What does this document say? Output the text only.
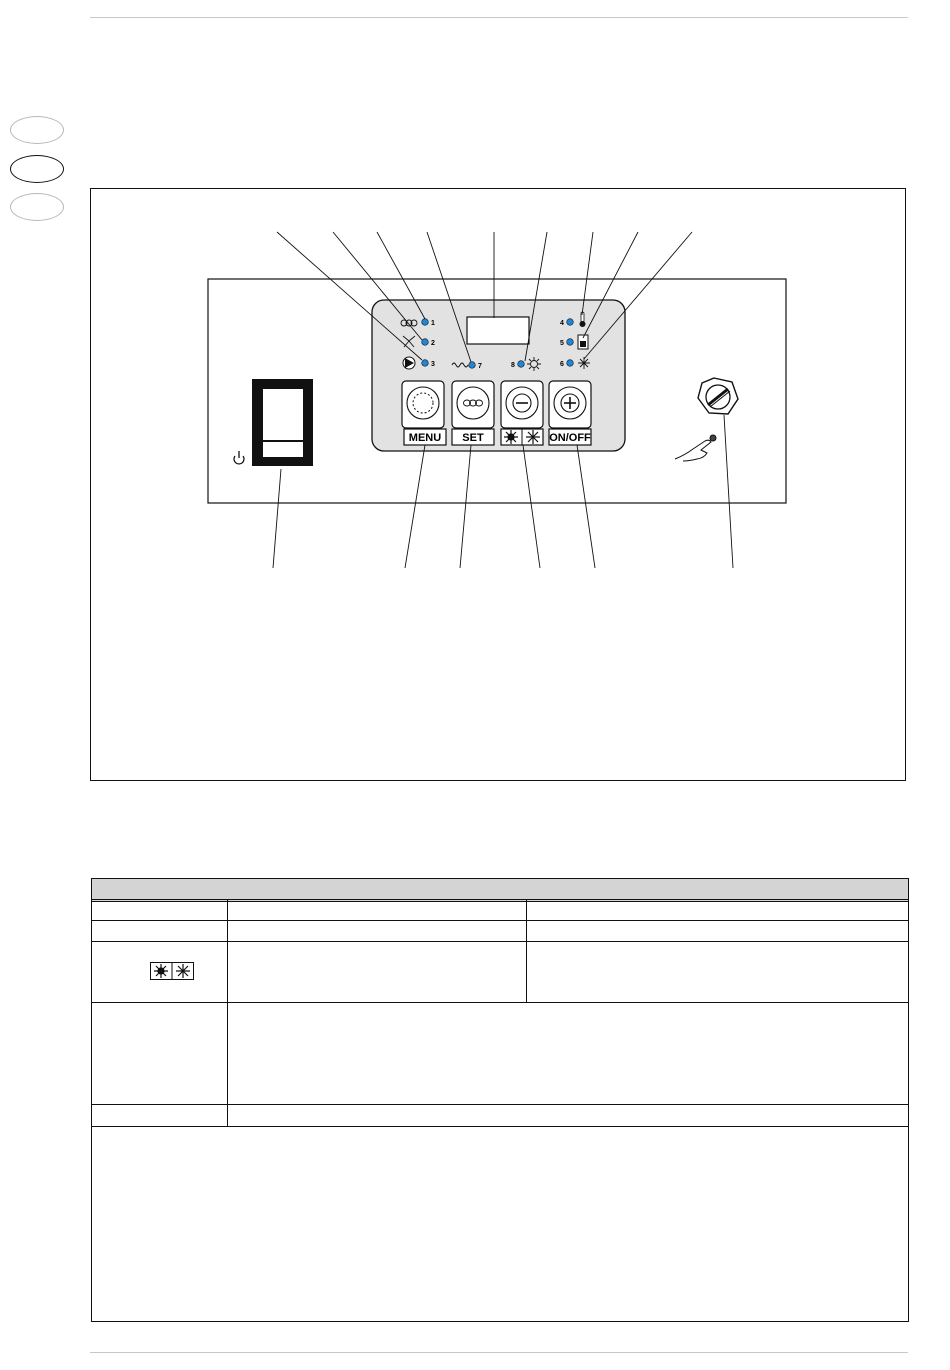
1
2
3	7	8
4
5
6
MENU SET	ON/OFF
